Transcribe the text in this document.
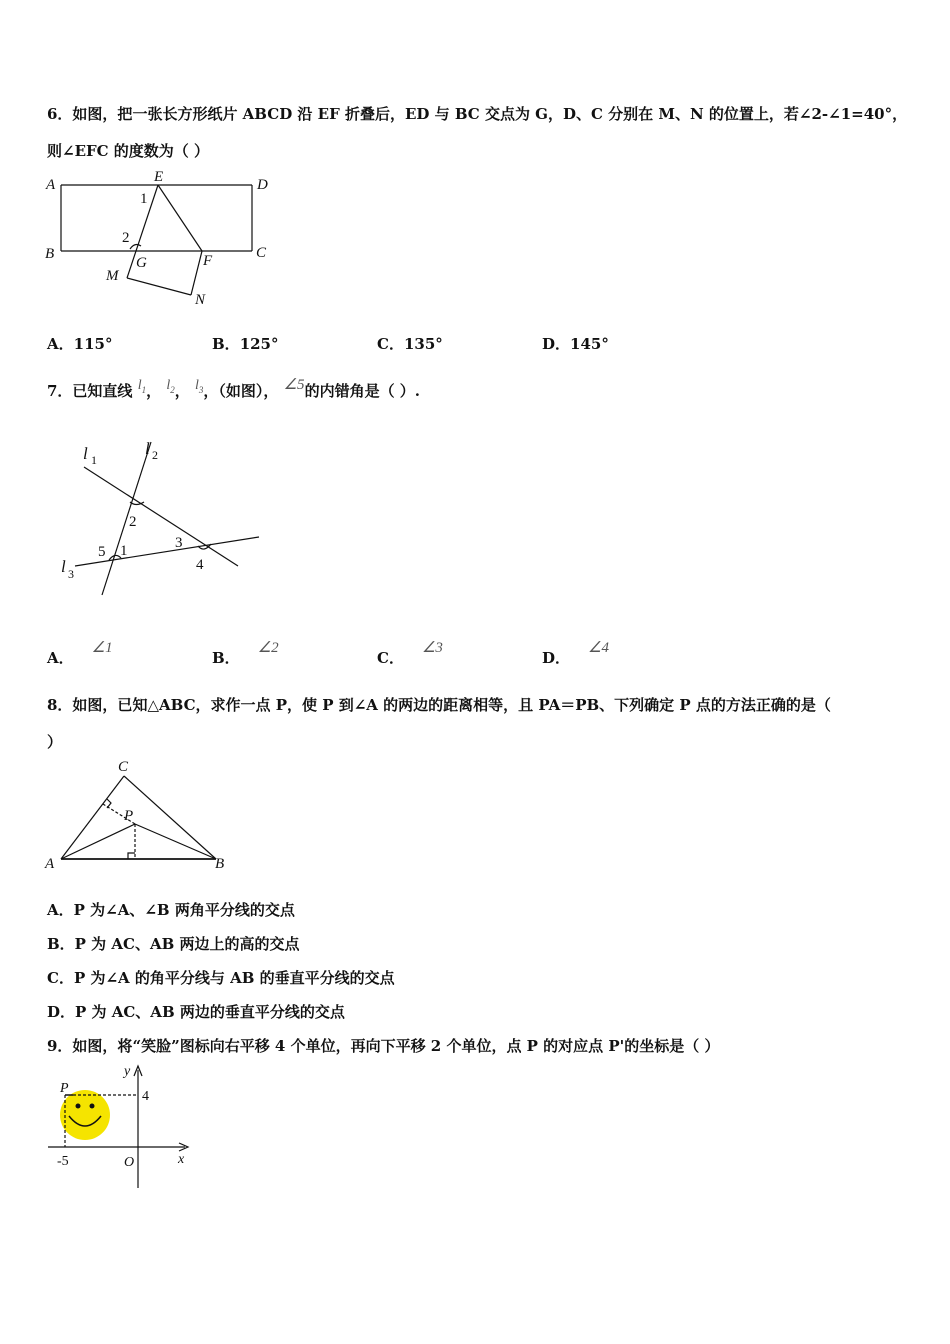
6．如图，把一张长方形纸片 ABCD 沿 EF 折叠后，ED 与 BC 交点为 G，D、C 分别在 M、N 的位置上，若∠2-∠1=40°，
则∠EFC 的度数为（ ）
A	E	D
1
2
B
G	F	C
M
N
A．115°	B．125°	C．135°	D．145°
7．已知直线 $l_1$， $l_2$， $l_3$，（如图）， ∠5的内错角是（ ）.
l 1
l 2
2
5 1	3
4
l 3
A．∠1
B．∠2
C．∠3
D．∠4
8．如图，已知△ABC，求作一点 P，使 P 到∠A 的两边的距离相等，且 PA＝PB、下列确定 P 点的方法正确的是（
）
C
P
A	B
A．P 为∠A、∠B 两角平分线的交点
B．P 为 AC、AB 两边上的高的交点
C．P 为∠A 的角平分线与 AB 的垂直平分线的交点
D．P 为 AC、AB 两边的垂直平分线的交点
9．如图，将“笑脸”图标向右平移 4 个单位，再向下平移 2 个单位，点 P 的对应点 P'的坐标是（ ）
y
P
4
-5	O	x
